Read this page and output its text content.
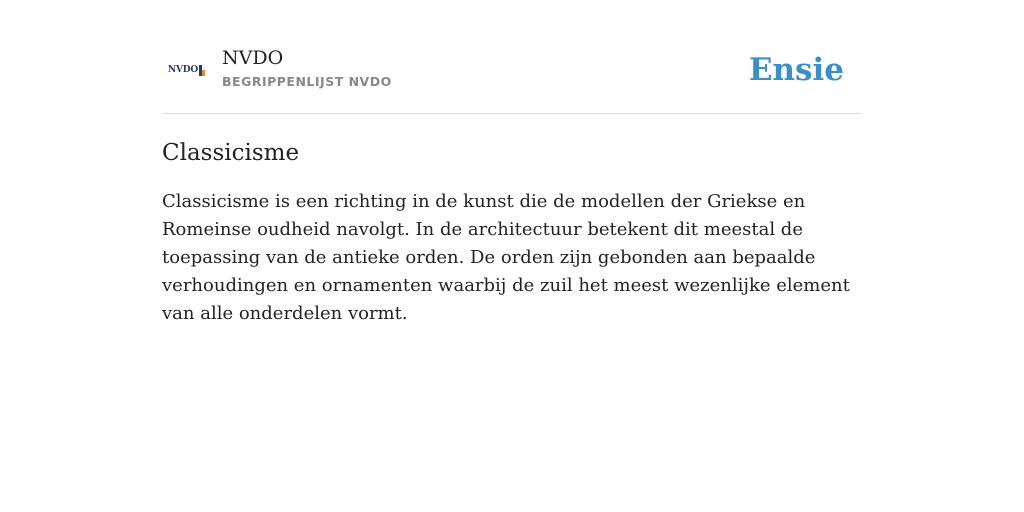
NVDO
NVDO
BEGRIPPENLIJST NVDO	Ensie
Classicisme

Classicisme is een richting in de kunst die de modellen der Griekse en Romeinse oudheid navolgt. In de architectuur betekent dit meestal de toepassing van de antieke orden. De orden zijn gebonden aan bepaalde verhoudingen en ornamenten waarbij de zuil het meest wezenlijke element van alle onderdelen vormt.
